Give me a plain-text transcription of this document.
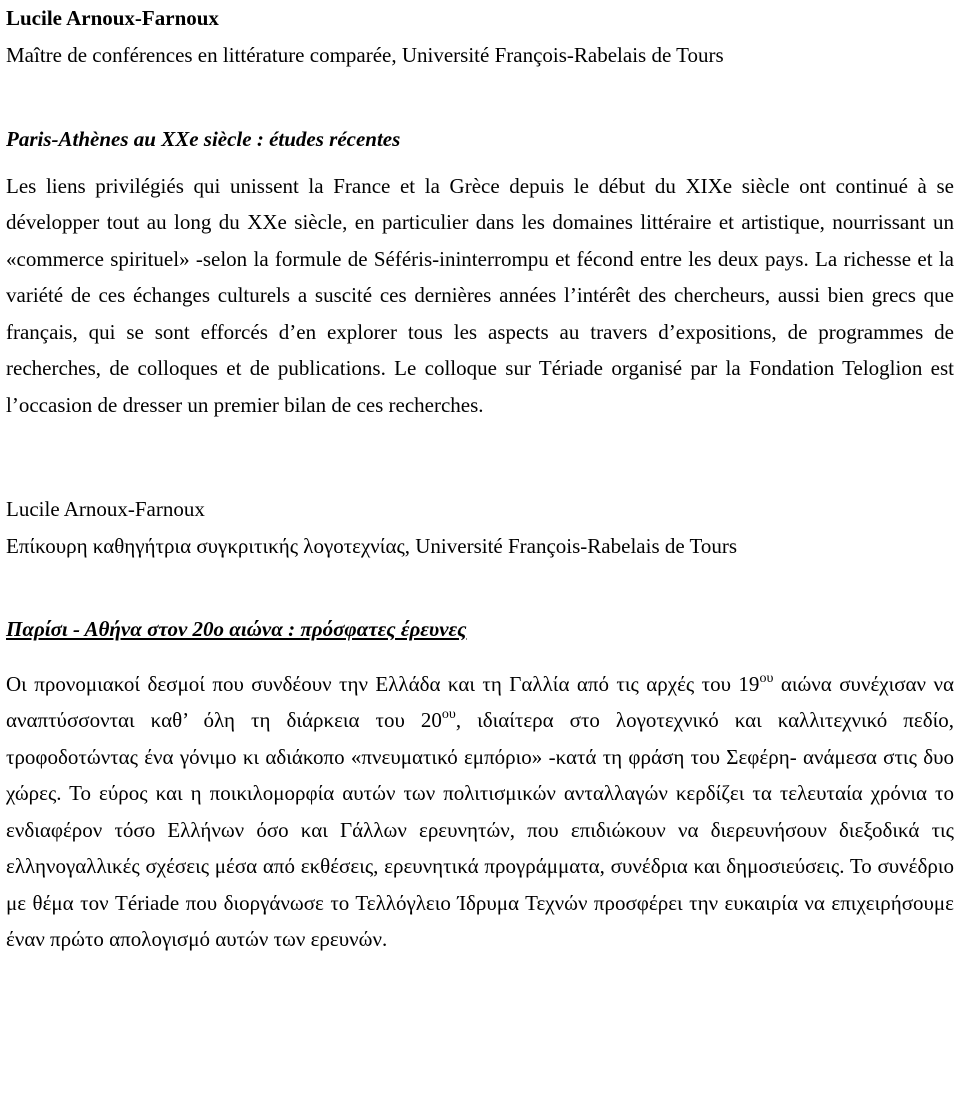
Lucile Arnoux-Farnoux

Maître de conférences en littérature comparée, Université François-Rabelais de Tours

Paris-Athènes au XXe siècle : études récentes

Les liens privilégiés qui unissent la France et la Grèce depuis le début du XIXe siècle ont continué à se développer tout au long du XXe siècle, en particulier dans les domaines littéraire et artistique, nourrissant un «commerce spirituel» -selon la formule de Séféris-ininterrompu et fécond entre les deux pays. La richesse et la variété de ces échanges culturels a suscité ces dernières années l’intérêt des chercheurs, aussi bien grecs que français, qui se sont efforcés d’en explorer tous les aspects au travers d’expositions, de programmes de recherches, de colloques et de publications. Le colloque sur Tériade organisé par la Fondation Teloglion est l’occasion de dresser un premier bilan de ces recherches.

Lucile Arnoux-Farnoux

Επίκουρη καθηγήτρια συγκριτικής λογοτεχνίας, Université François-Rabelais de Tours

Παρίσι - Αθήνα στον 20ο αιώνα : πρόσφατες έρευνες

Οι προνομιακοί δεσμοί που συνδέουν την Ελλάδα και τη Γαλλία από τις αρχές του $19^{o\upsilon}$ αιώνα συνέχισαν να αναπτύσσονται καθ’ όλη τη διάρκεια του $20^{o\upsilon}$, ιδιαίτερα στο λογοτεχνικό και καλλιτεχνικό πεδίο, τροφοδοτώντας ένα γόνιμο κι αδιάκοπο «πνευματικό εμπόριο» -κατά τη φράση του Σεφέρη- ανάμεσα στις δυο χώρες. Το εύρος και η ποικιλομορφία αυτών των πολιτισμικών ανταλλαγών κερδίζει τα τελευταία χρόνια το ενδιαφέρον τόσο Ελλήνων όσο και Γάλλων ερευνητών, που επιδιώκουν να διερευνήσουν διεξοδικά τις ελληνογαλλικές σχέσεις μέσα από εκθέσεις, ερευνητικά προγράμματα, συνέδρια και δημοσιεύσεις. Το συνέδριο με θέμα τον Tériade που διοργάνωσε το Τελλόγλειο Ίδρυμα Τεχνών προσφέρει την ευκαιρία να επιχειρήσουμε έναν πρώτο απολογισμό αυτών των ερευνών.
